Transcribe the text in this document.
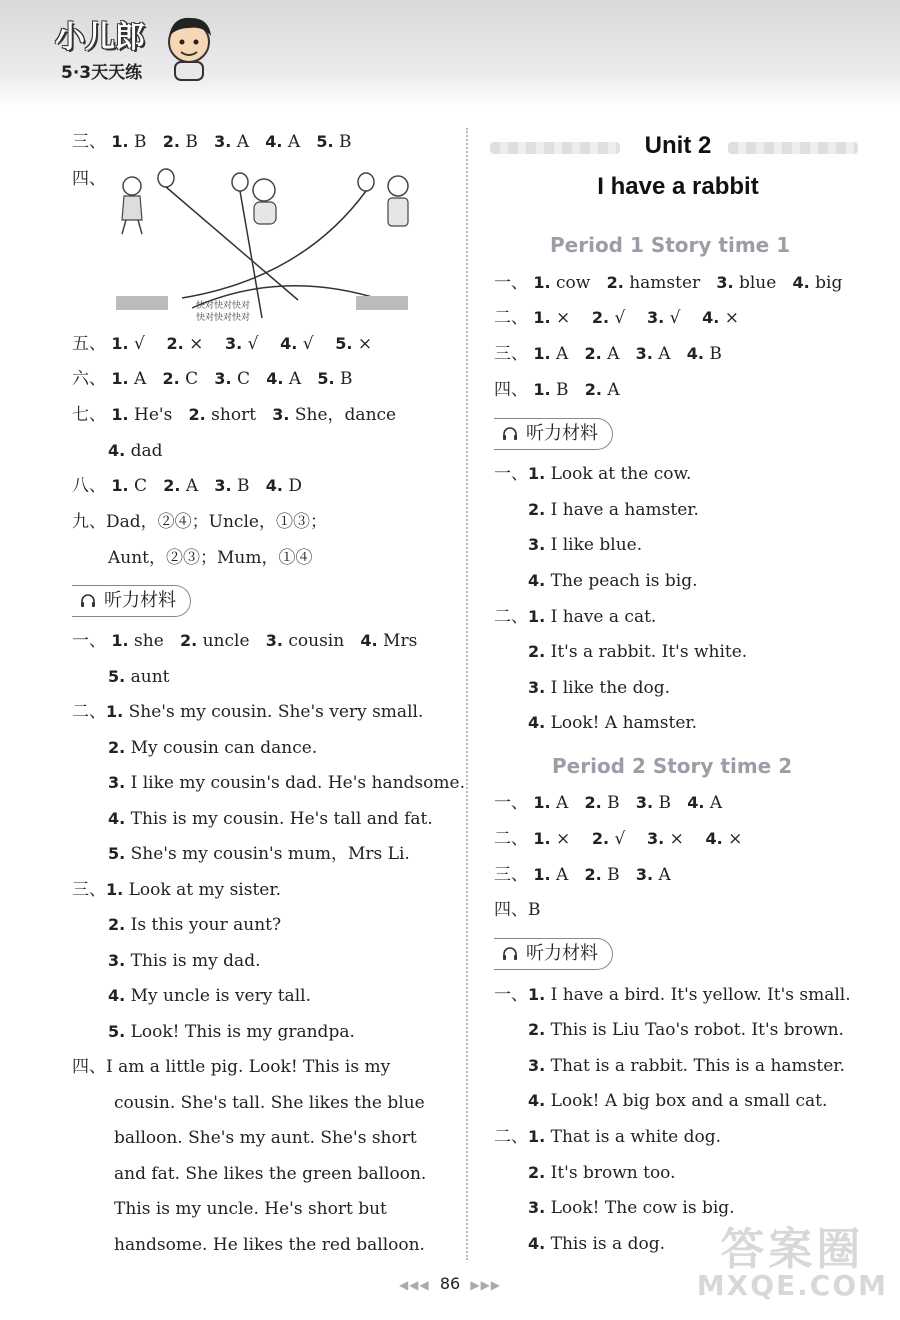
小儿郎
5·3天天练
三、 1. B 2. B 3. A 4. A 5. B
四、
快对快对快对
快对快对快对
五、 1. √ 2. × 3. √ 4. √ 5. ×
六、 1. A 2. C 3. C 4. A 5. B
七、 1. He's 2. short 3. She，dance
4. dad
八、 1. C 2. A 3. B 4. D
九、Dad，②④；Uncle，①③；
Aunt，②③；Mum，①④
听力材料
一、 1. she 2. uncle 3. cousin 4. Mrs
5. aunt
二、1. She's my cousin. She's very small.
2. My cousin can dance.
3. I like my cousin's dad. He's handsome.
4. This is my cousin. He's tall and fat.
5. She's my cousin's mum，Mrs Li.
三、1. Look at my sister.
2. Is this your aunt?
3. This is my dad.
4. My uncle is very tall.
5. Look! This is my grandpa.
四、I am a little pig. Look! This is my
cousin. She's tall. She likes the blue
balloon. She's my aunt. She's short
and fat. She likes the green balloon.
This is my uncle. He's short but
handsome. He likes the red balloon.
Unit 2
I have a rabbit
Period 1 Story time 1
一、 1. cow 2. hamster 3. blue 4. big
二、 1. × 2. √ 3. √ 4. ×
三、 1. A 2. A 3. A 4. B
四、 1. B 2. A
听力材料
一、1. Look at the cow.
2. I have a hamster.
3. I like blue.
4. The peach is big.
二、1. I have a cat.
2. It's a rabbit. It's white.
3. I like the dog.
4. Look! A hamster.
Period 2 Story time 2
一、 1. A 2. B 3. B 4. A
二、 1. × 2. √ 3. × 4. ×
三、 1. A 2. B 3. A
四、B
听力材料
一、1. I have a bird. It's yellow. It's small.
2. This is Liu Tao's robot. It's brown.
3. That is a rabbit. This is a hamster.
4. Look! A big box and a small cat.
二、1. That is a white dog.
2. It's brown too.
3. Look! The cow is big.
4. This is a dog.
◀◀◀ 86 ▶▶▶
答案圈
MXQE.COM
